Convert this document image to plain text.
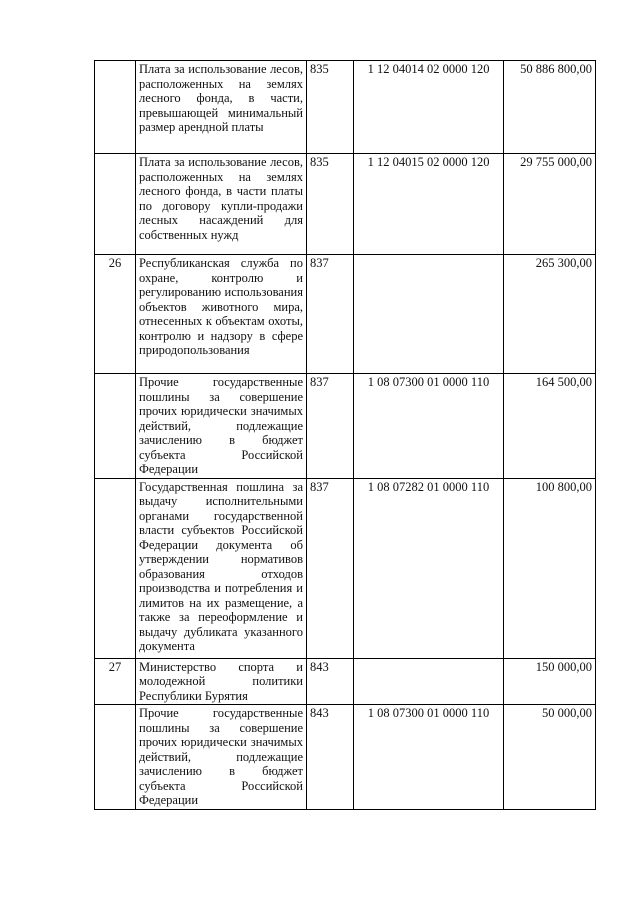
	Плата за использование лесов, расположенных на землях лесного фонда, в части, превышающей минимальный размер арендной платы	835	1 12 04014 02 0000 120	50 886 800,00
	Плата за использование лесов, расположенных на землях лесного фонда, в части платы по договору купли-продажи лесных насаждений для собственных нужд	835	1 12 04015 02 0000 120	29 755 000,00
26	Республиканская служба по охране, контролю и регулированию использования объектов животного мира, отнесенных к объектам охоты, контролю и надзору в сфере природопользования	837		265 300,00
	Прочие государственные пошлины за совершение прочих юридически значимых действий, подлежащие зачислению в бюджет субъекта Российской Федерации	837	1 08 07300 01 0000 110	164 500,00
	Государственная пошлина за выдачу исполнительными органами государственной власти субъектов Российской Федерации документа об утверждении нормативов образования отходов производства и потребления и лимитов на их размещение, а также за переоформление и выдачу дубликата указанного документа	837	1 08 07282 01 0000 110	100 800,00
27	Министерство спорта и молодежной политики Республики Бурятия	843		150 000,00
	Прочие государственные пошлины за совершение прочих юридически значимых действий, подлежащие зачислению в бюджет субъекта Российской Федерации	843	1 08 07300 01 0000 110	50 000,00
